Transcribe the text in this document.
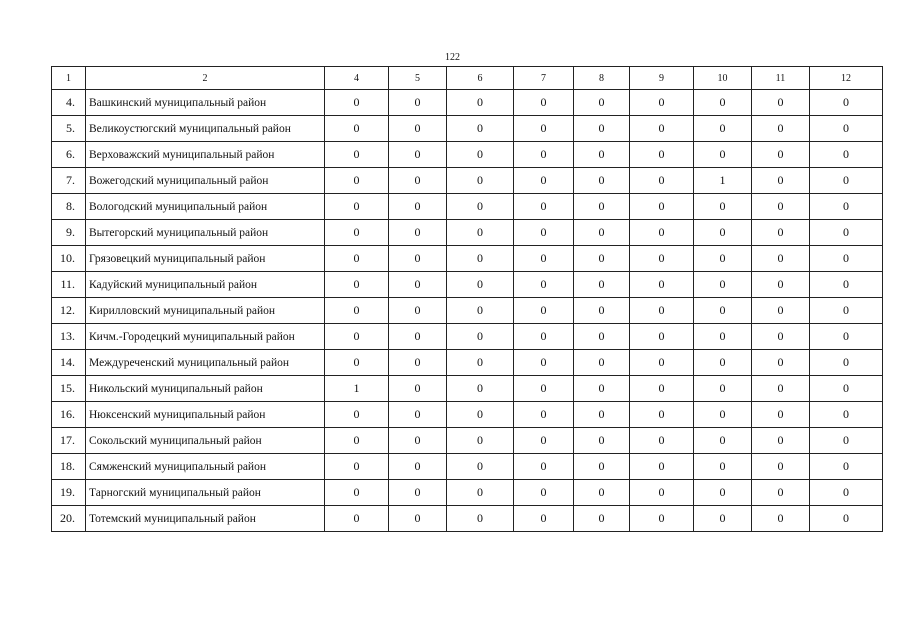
122
1	2	4	5	6	7	8	9	10	11	12
4.	Вашкинский муниципальный район	0	0	0	0	0	0	0	0	0
5.	Великоустюгский муниципальный район	0	0	0	0	0	0	0	0	0
6.	Верховажский муниципальный район	0	0	0	0	0	0	0	0	0
7.	Вожегодский муниципальный район	0	0	0	0	0	0	1	0	0
8.	Вологодский муниципальный район	0	0	0	0	0	0	0	0	0
9.	Вытегорский муниципальный район	0	0	0	0	0	0	0	0	0
10.	Грязовецкий муниципальный район	0	0	0	0	0	0	0	0	0
11.	Кадуйский муниципальный район	0	0	0	0	0	0	0	0	0
12.	Кирилловский муниципальный район	0	0	0	0	0	0	0	0	0
13.	Кичм.-Городецкий муниципальный район	0	0	0	0	0	0	0	0	0
14.	Междуреченский муниципальный район	0	0	0	0	0	0	0	0	0
15.	Никольский муниципальный район	1	0	0	0	0	0	0	0	0
16.	Нюксенский муниципальный район	0	0	0	0	0	0	0	0	0
17.	Сокольский муниципальный район	0	0	0	0	0	0	0	0	0
18.	Сямженский муниципальный район	0	0	0	0	0	0	0	0	0
19.	Тарногский муниципальный район	0	0	0	0	0	0	0	0	0
20.	Тотемский муниципальный район	0	0	0	0	0	0	0	0	0
